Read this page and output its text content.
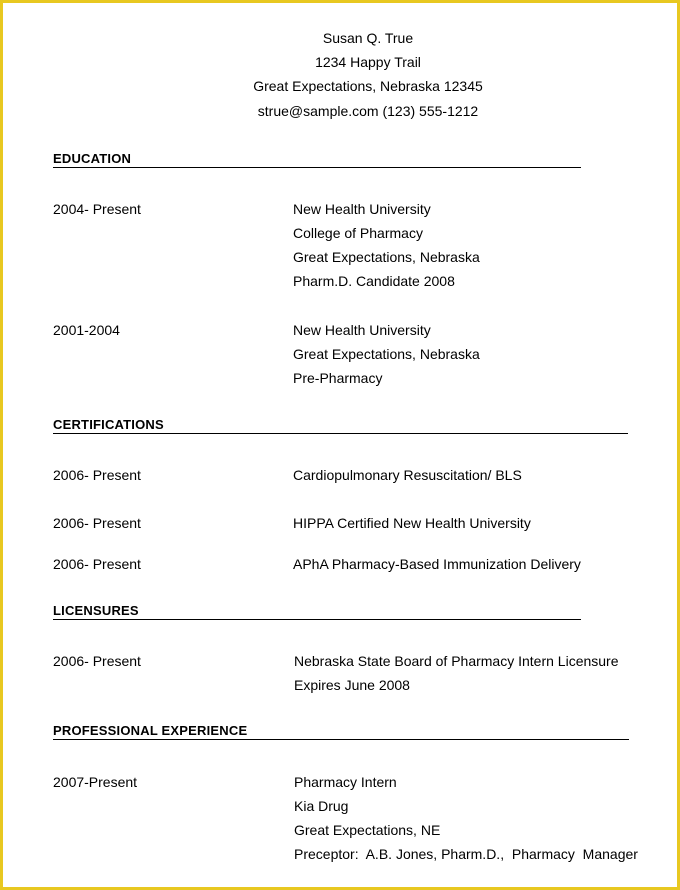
Susan Q. True
1234 Happy Trail
Great Expectations, Nebraska 12345
strue@sample.com (123) 555-1212
EDUCATION
2004- Present	New Health University
College of Pharmacy
Great Expectations, Nebraska
Pharm.D. Candidate 2008
2001-2004	New Health University
Great Expectations, Nebraska
Pre-Pharmacy
CERTIFICATIONS
2006- Present	Cardiopulmonary Resuscitation/ BLS
2006- Present	HIPPA Certified New Health University
2006- Present	APhA Pharmacy-Based Immunization Delivery
LICENSURES
2006- Present	Nebraska State Board of Pharmacy Intern Licensure
Expires June 2008
PROFESSIONAL EXPERIENCE
2007-Present	Pharmacy Intern
Kia Drug
Great Expectations, NE
Preceptor:  A.B. Jones, Pharm.D.,  Pharmacy  Manager
